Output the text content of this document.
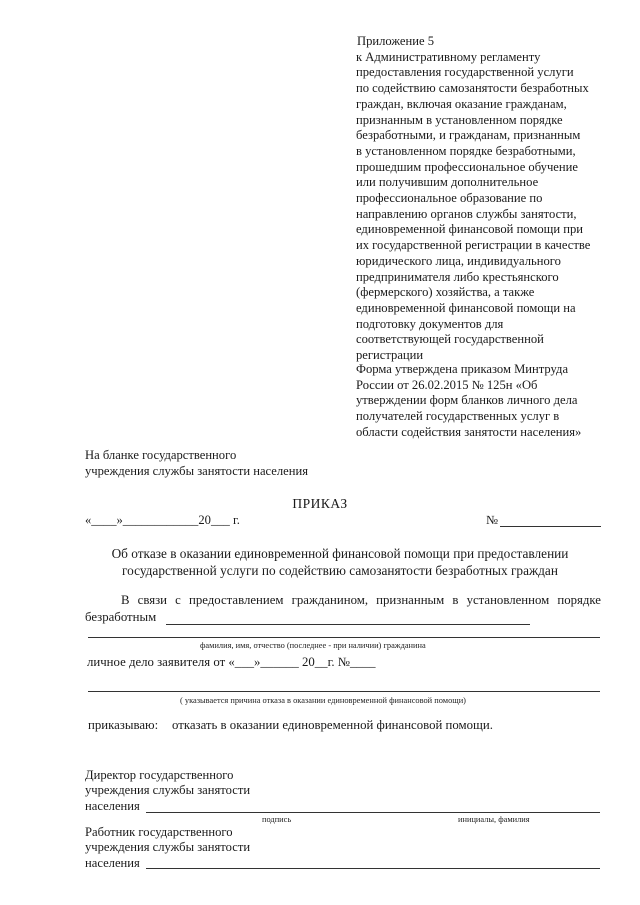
Приложение 5
к Административному регламенту
предоставления государственной услуги
по содействию самозанятости безработных
граждан, включая оказание гражданам,
признанным в установленном порядке
безработными, и гражданам, признанным
в установленном порядке безработными,
прошедшим профессиональное обучение
или получившим дополнительное
профессиональное образование по
направлению органов службы занятости,
единовременной финансовой помощи при
их государственной регистрации в качестве
юридического лица, индивидуального
предпринимателя либо крестьянского
(фермерского) хозяйства, а также
единовременной финансовой помощи на
подготовку документов для
соответствующей государственной
регистрации
Форма утверждена приказом Минтруда
России от 26.02.2015 № 125н «Об
утверждении форм бланков личного дела
получателей государственных услуг в
области содействия занятости населения»
На бланке государственного
учреждения службы занятости населения
ПРИКАЗ
«____»____________20___ г.	№
Об отказе в оказании единовременной финансовой помощи при предоставлении
государственной услуги по содействию самозанятости безработных граждан
В связи с предоставлением гражданином, признанным в установленном порядке безработным
фамилия, имя, отчество (последнее - при наличии) гражданина
личное дело заявителя от «___»______ 20__г. №____
( указывается причина отказа в оказании единовременной финансовой помощи)
приказываю: отказать в оказании единовременной финансовой помощи.
Директор государственного
учреждения службы занятости
населения
подпись	инициалы, фамилия
Работник государственного
учреждения службы занятости
населения
